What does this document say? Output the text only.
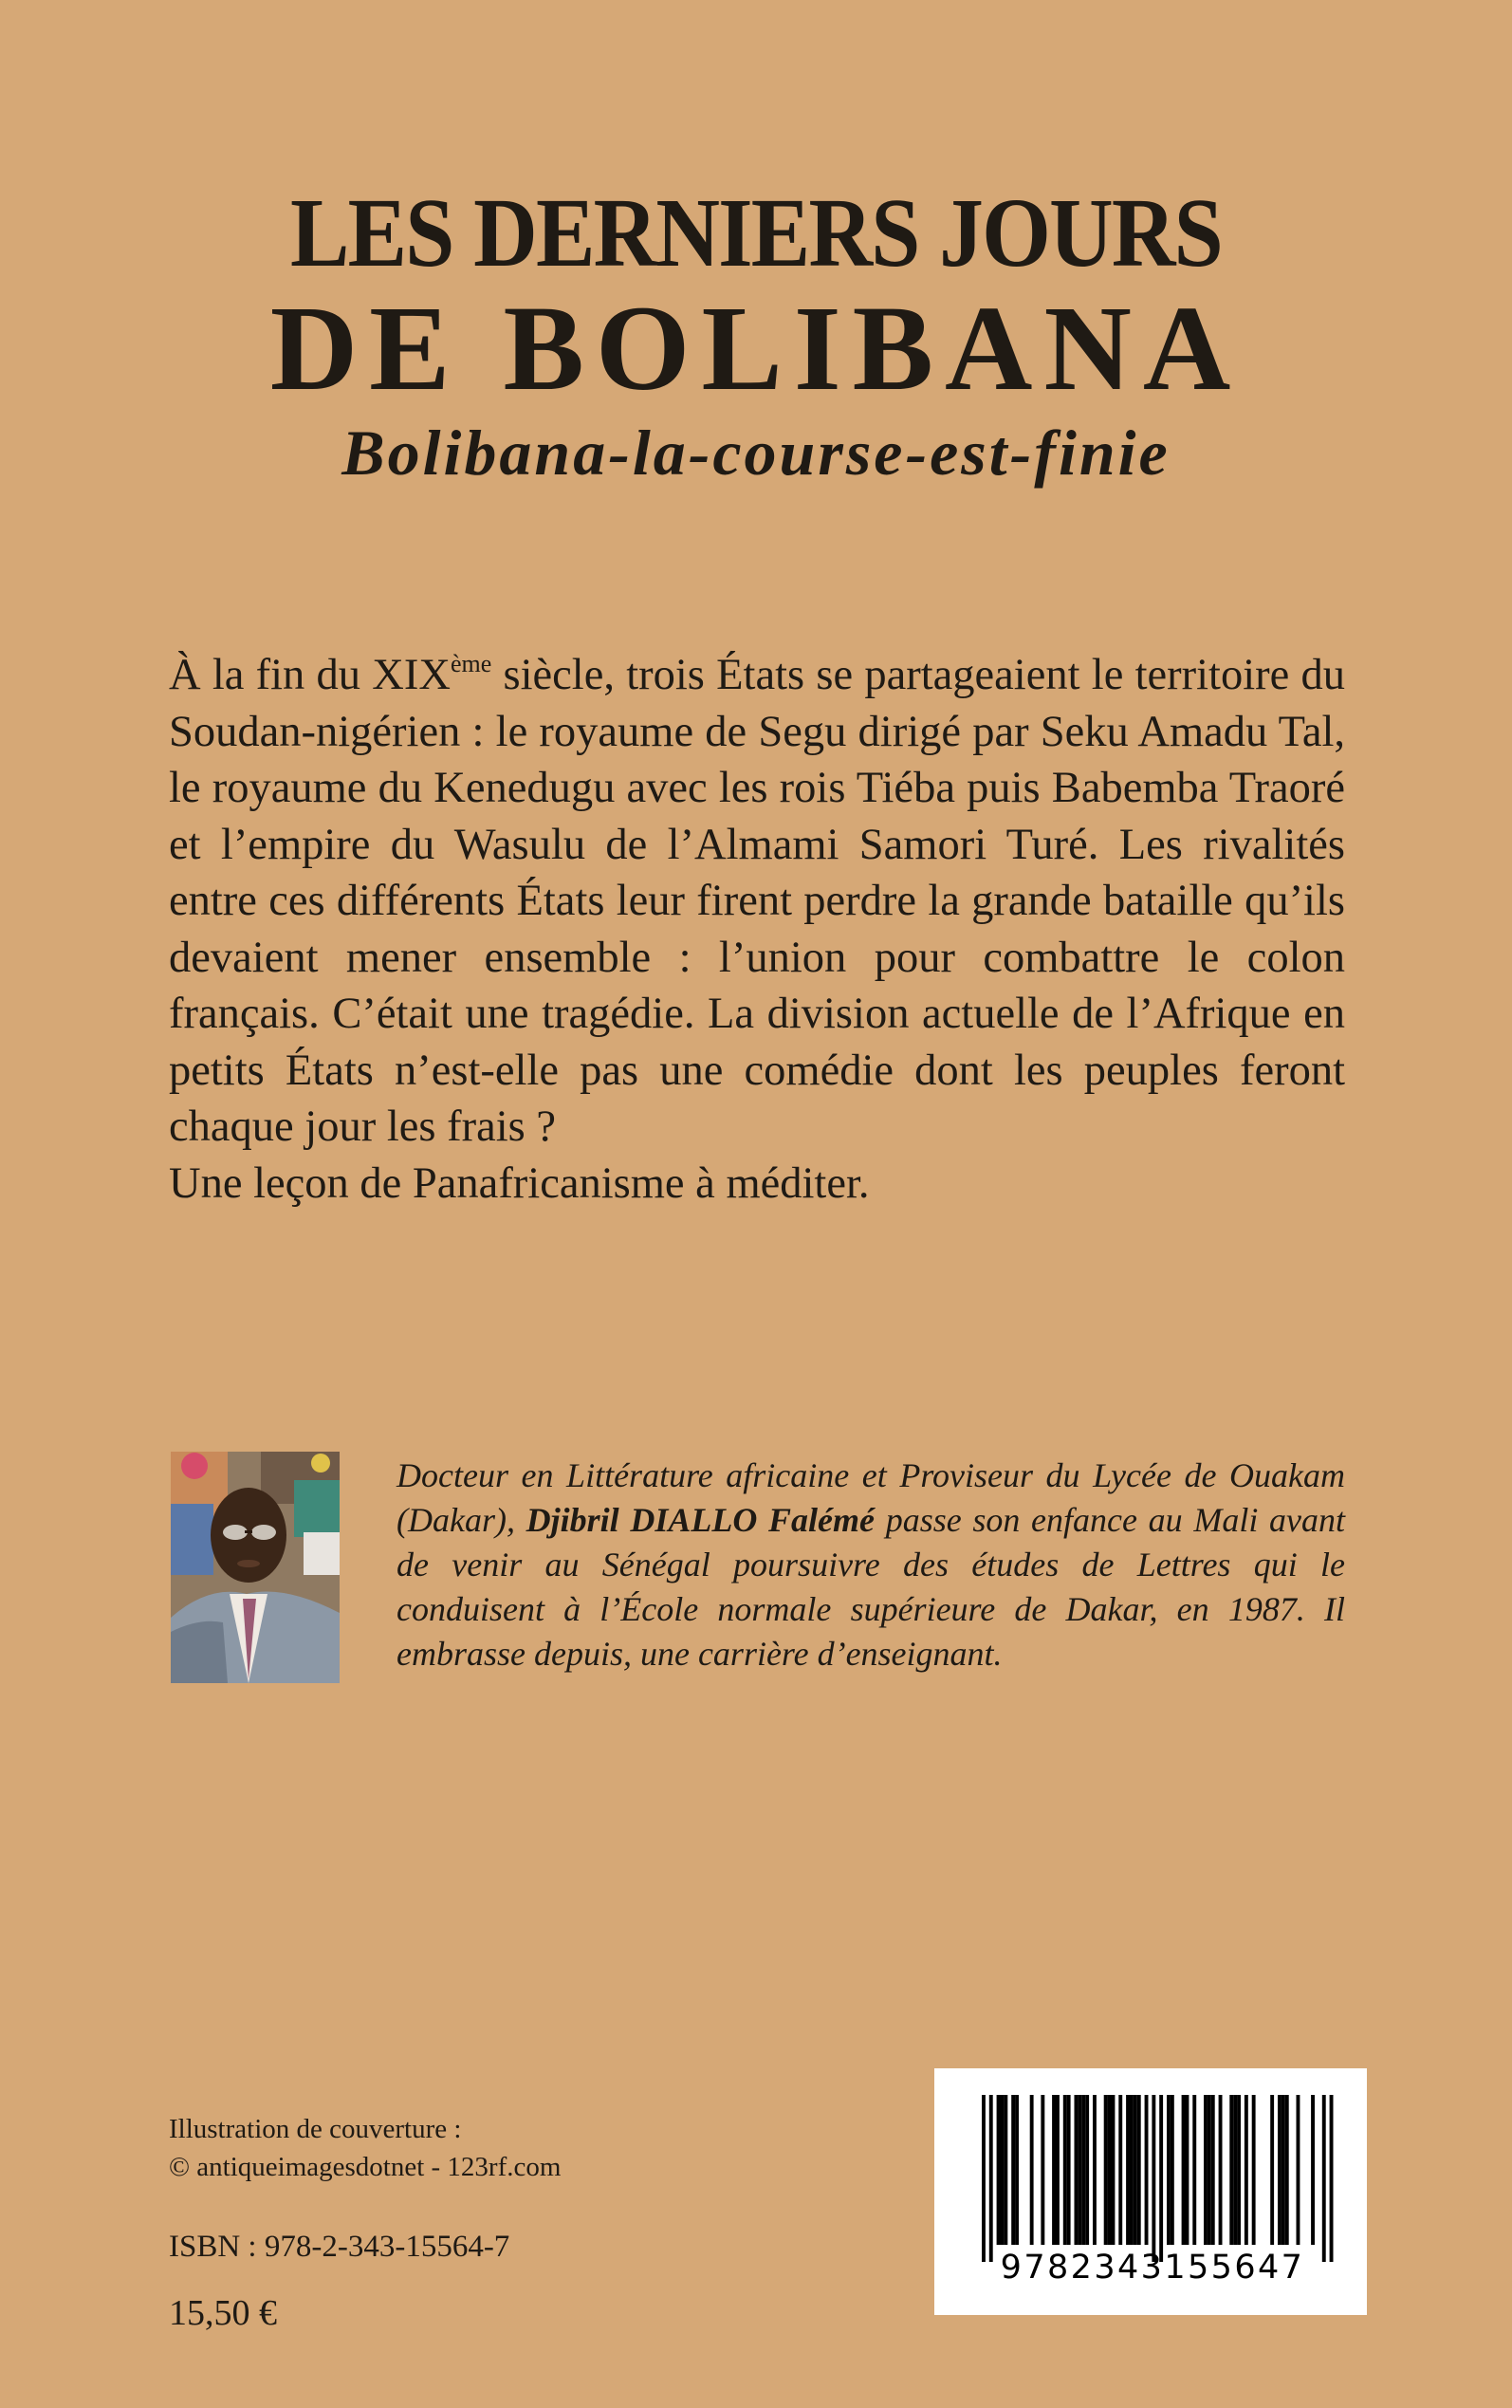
LES DERNIERS JOURS
DE BOLIBANA
Bolibana-la-course-est-finie

À la fin du XIXème siècle, trois États se partageaient le territoire du Soudan-nigérien : le royaume de Segu dirigé par Seku Amadu Tal, le royaume du Kenedugu avec les rois Tiéba puis Babemba Traoré et l’empire du Wasulu de l’Almami Samori Turé. Les rivalités entre ces différents États leur firent perdre la grande bataille qu’ils devaient mener ensemble : l’union pour combattre le colon français. C’était une tragédie. La division actuelle de l’Afrique en petits États n’est-elle pas une comédie dont les peuples feront chaque jour les frais ?

Une leçon de Panafricanisme à méditer.

Docteur en Littérature africaine et Proviseur du Lycée de Ouakam (Dakar), Djibril DIALLO Falémé passe son enfance au Mali avant de venir au Sénégal poursuivre des études de Lettres qui le conduisent à l’École normale supérieure de Dakar, en 1987. Il embrasse depuis, une carrière d’enseignant.
Illustration de couverture :
© antiqueimagesdotnet - 123rf.com
ISBN : 978-2-343-15564-7
15,50 €
9782343155647
